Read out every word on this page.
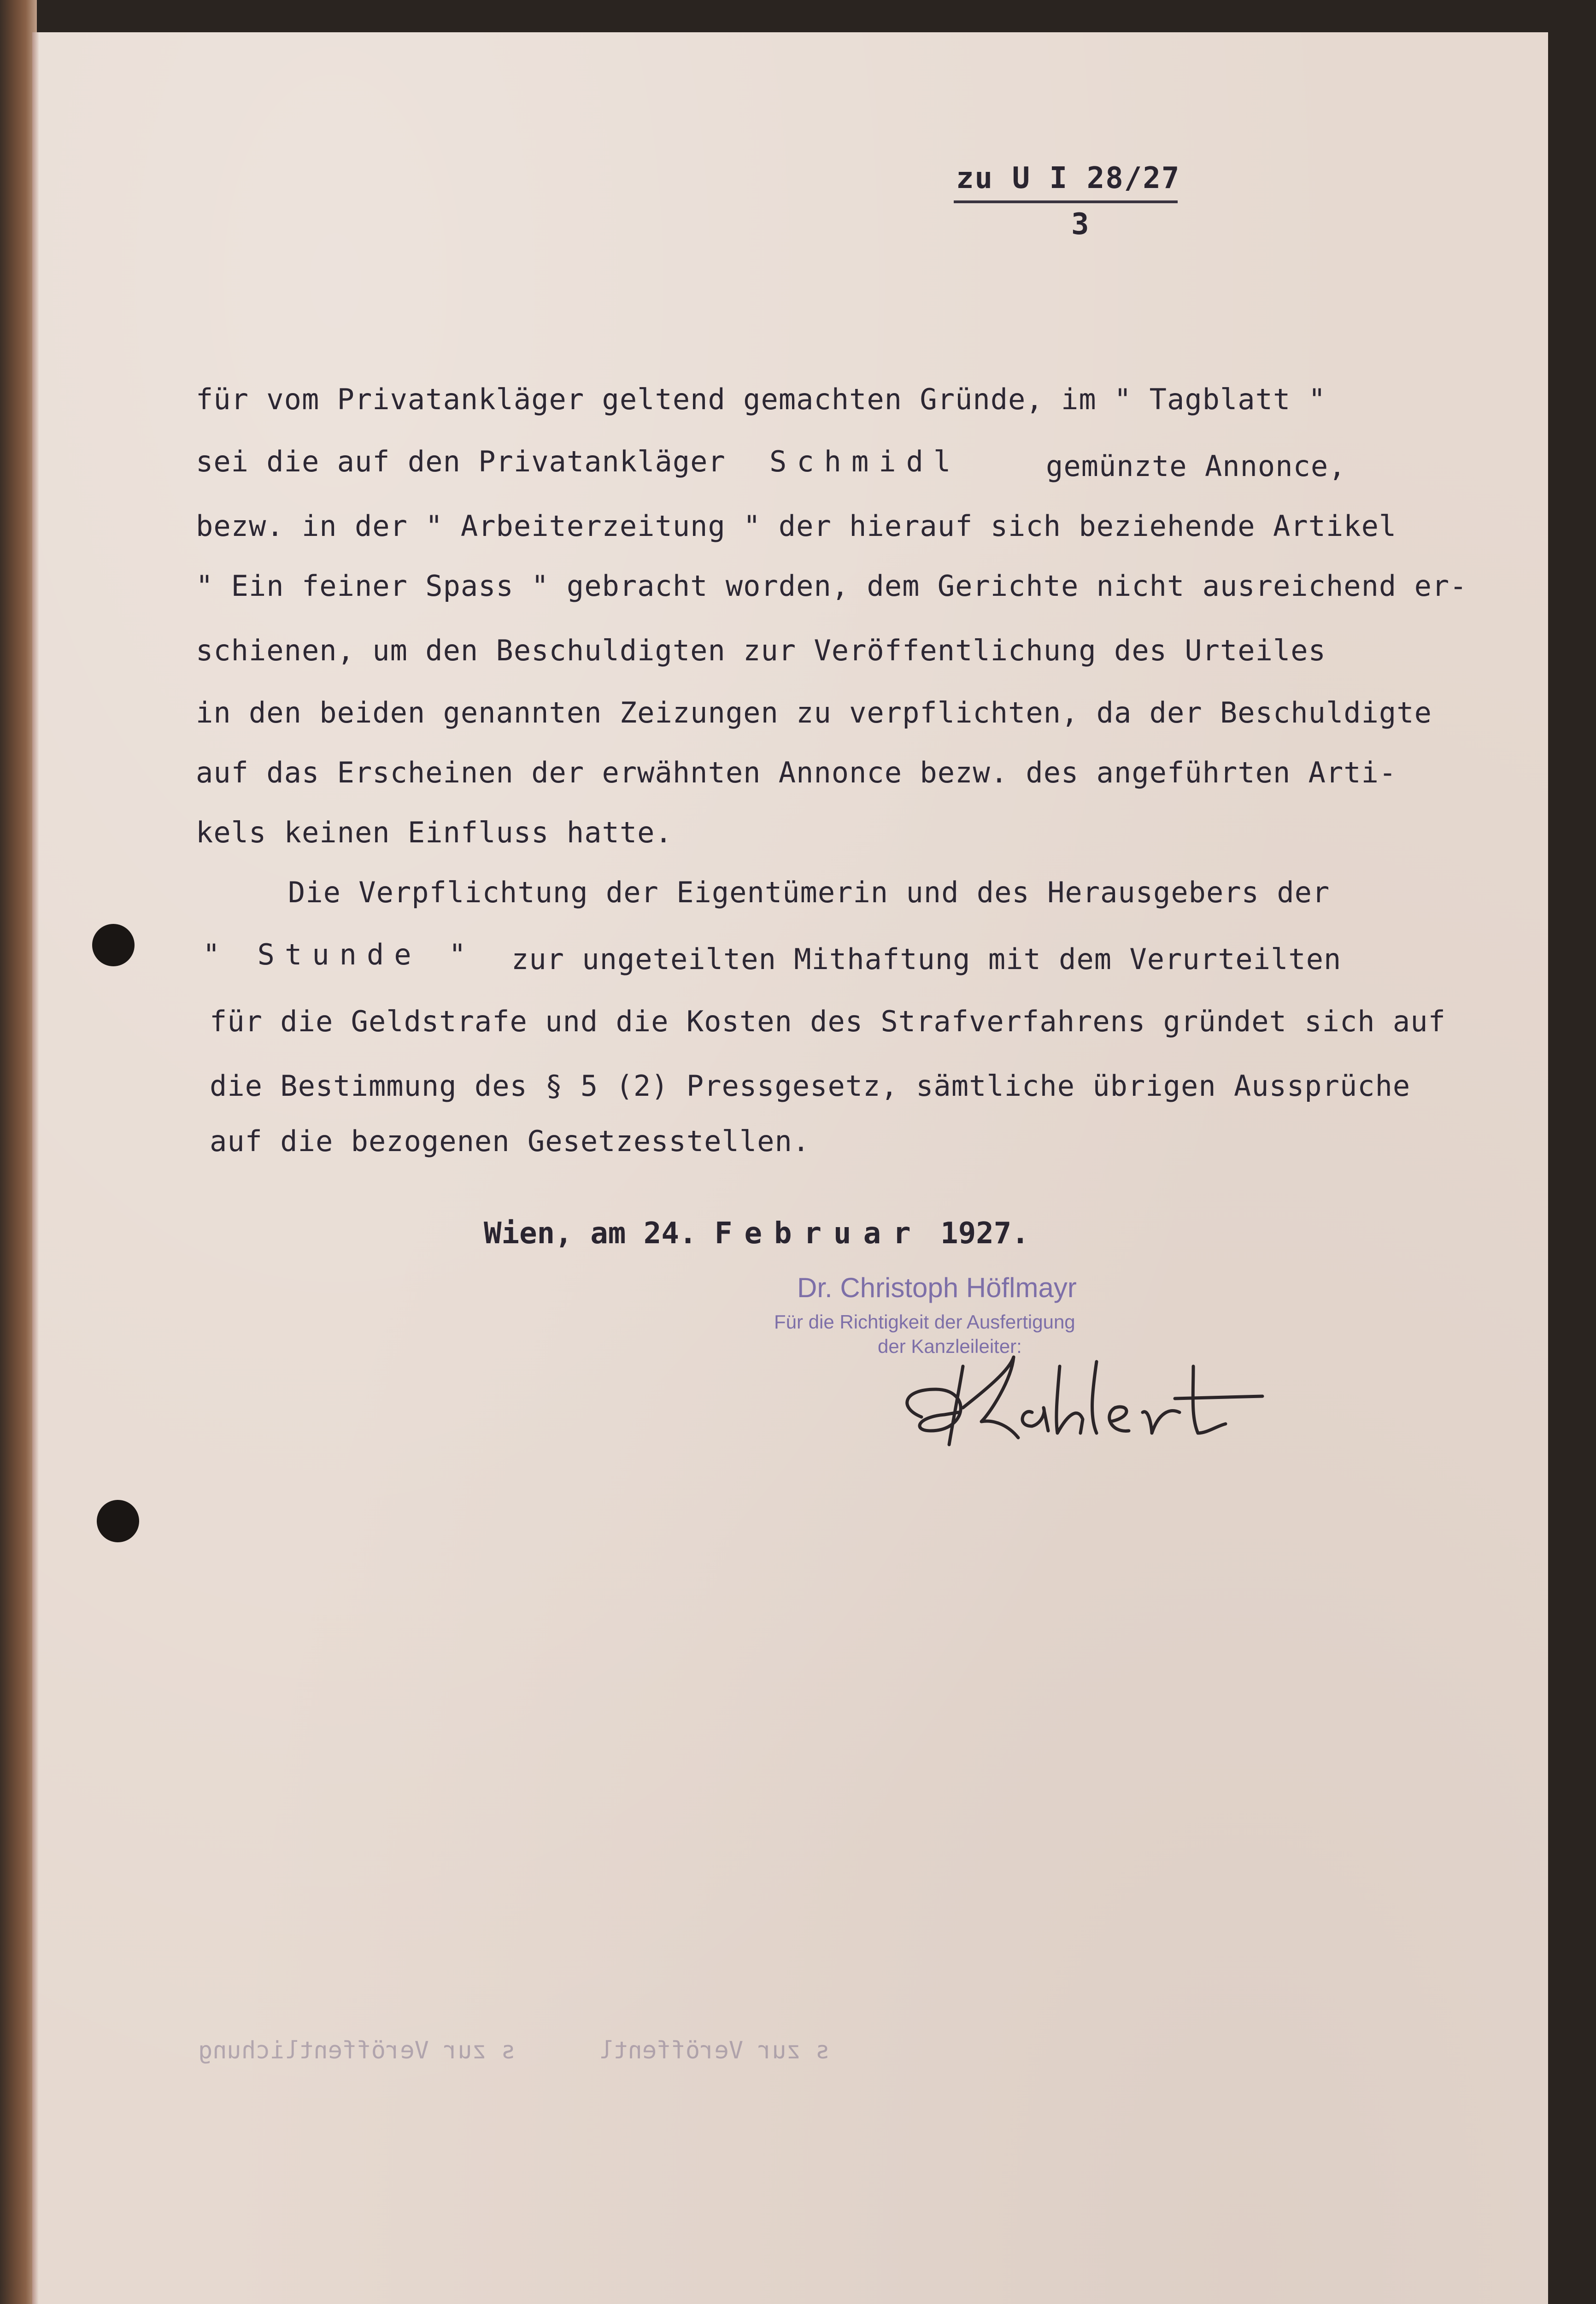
zu U I 28/27
3
für vom Privatankläger geltend gemachten Gründe, im " Tagblatt "
sei die auf den Privatankläger Schmidl	gemünzte Annonce,
bezw. in der " Arbeiterzeitung " der hierauf sich beziehende Artikel
" Ein feiner Spass " gebracht worden, dem Gerichte nicht ausreichend er-
schienen, um den Beschuldigten zur Veröffentlichung des Urteiles
in den beiden genannten Zeizungen zu verpflichten, da der Beschuldigte
auf das Erscheinen der erwähnten Annonce bezw. des angeführten Arti-
kels keinen Einfluss hatte.
Die Verpflichtung der Eigentümerin und des Herausgebers der
" Stunde " zur ungeteilten Mithaftung mit dem Verurteilten
für die Geldstrafe und die Kosten des Strafverfahrens gründet sich auf
die Bestimmung des § 5 (2) Pressgesetz, sämtliche übrigen Aussprüche
auf die bezogenen Gesetzesstellen.
Wien, am 24. Februar 1927.
Dr. Christoph Höflmayr
Für die Richtigkeit der Ausfertigung
der Kanzleileiter:
s zur Veröffentlichung	s zur Veröffentl
